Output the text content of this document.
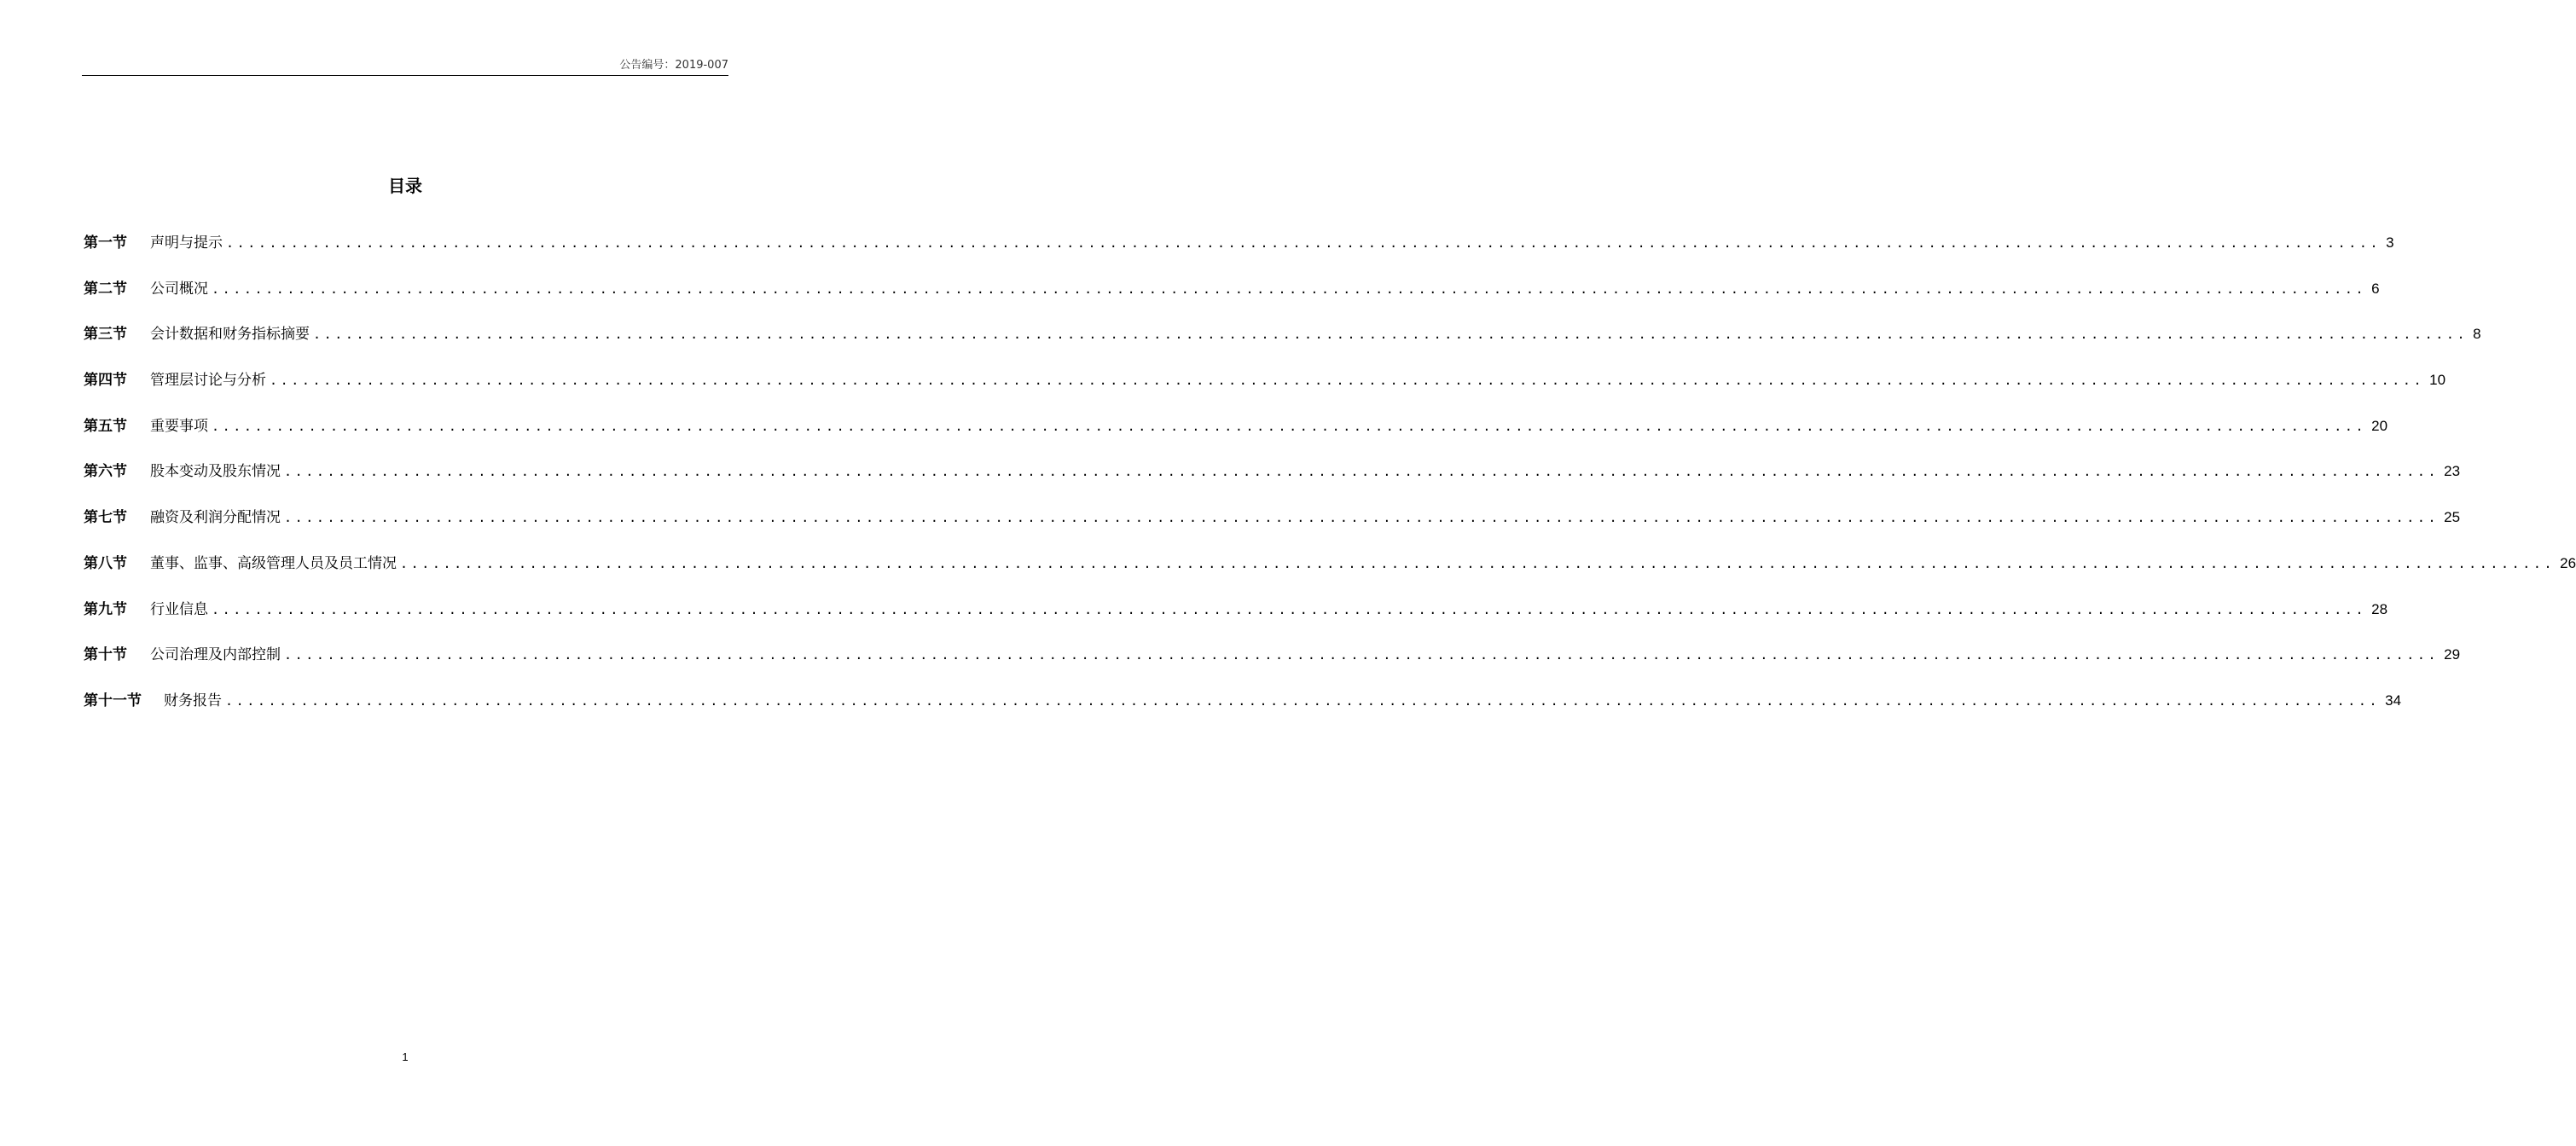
公告编号：2019-007
目录
第一节 声明与提示 ........................................................................................................................................................................................................ 3
第二节 公司概况 ........................................................................................................................................................................................................ 6
第三节 会计数据和财务指标摘要 ........................................................................................................................................................................................................ 8
第四节 管理层讨论与分析 ........................................................................................................................................................................................................ 10
第五节 重要事项 ........................................................................................................................................................................................................ 20
第六节 股本变动及股东情况 ........................................................................................................................................................................................................ 23
第七节 融资及利润分配情况 ........................................................................................................................................................................................................ 25
第八节 董事、监事、高级管理人员及员工情况 ........................................................................................................................................................................................................ 26
第九节 行业信息 ........................................................................................................................................................................................................ 28
第十节 公司治理及内部控制 ........................................................................................................................................................................................................ 29
第十一节 财务报告 ........................................................................................................................................................................................................ 34
1
